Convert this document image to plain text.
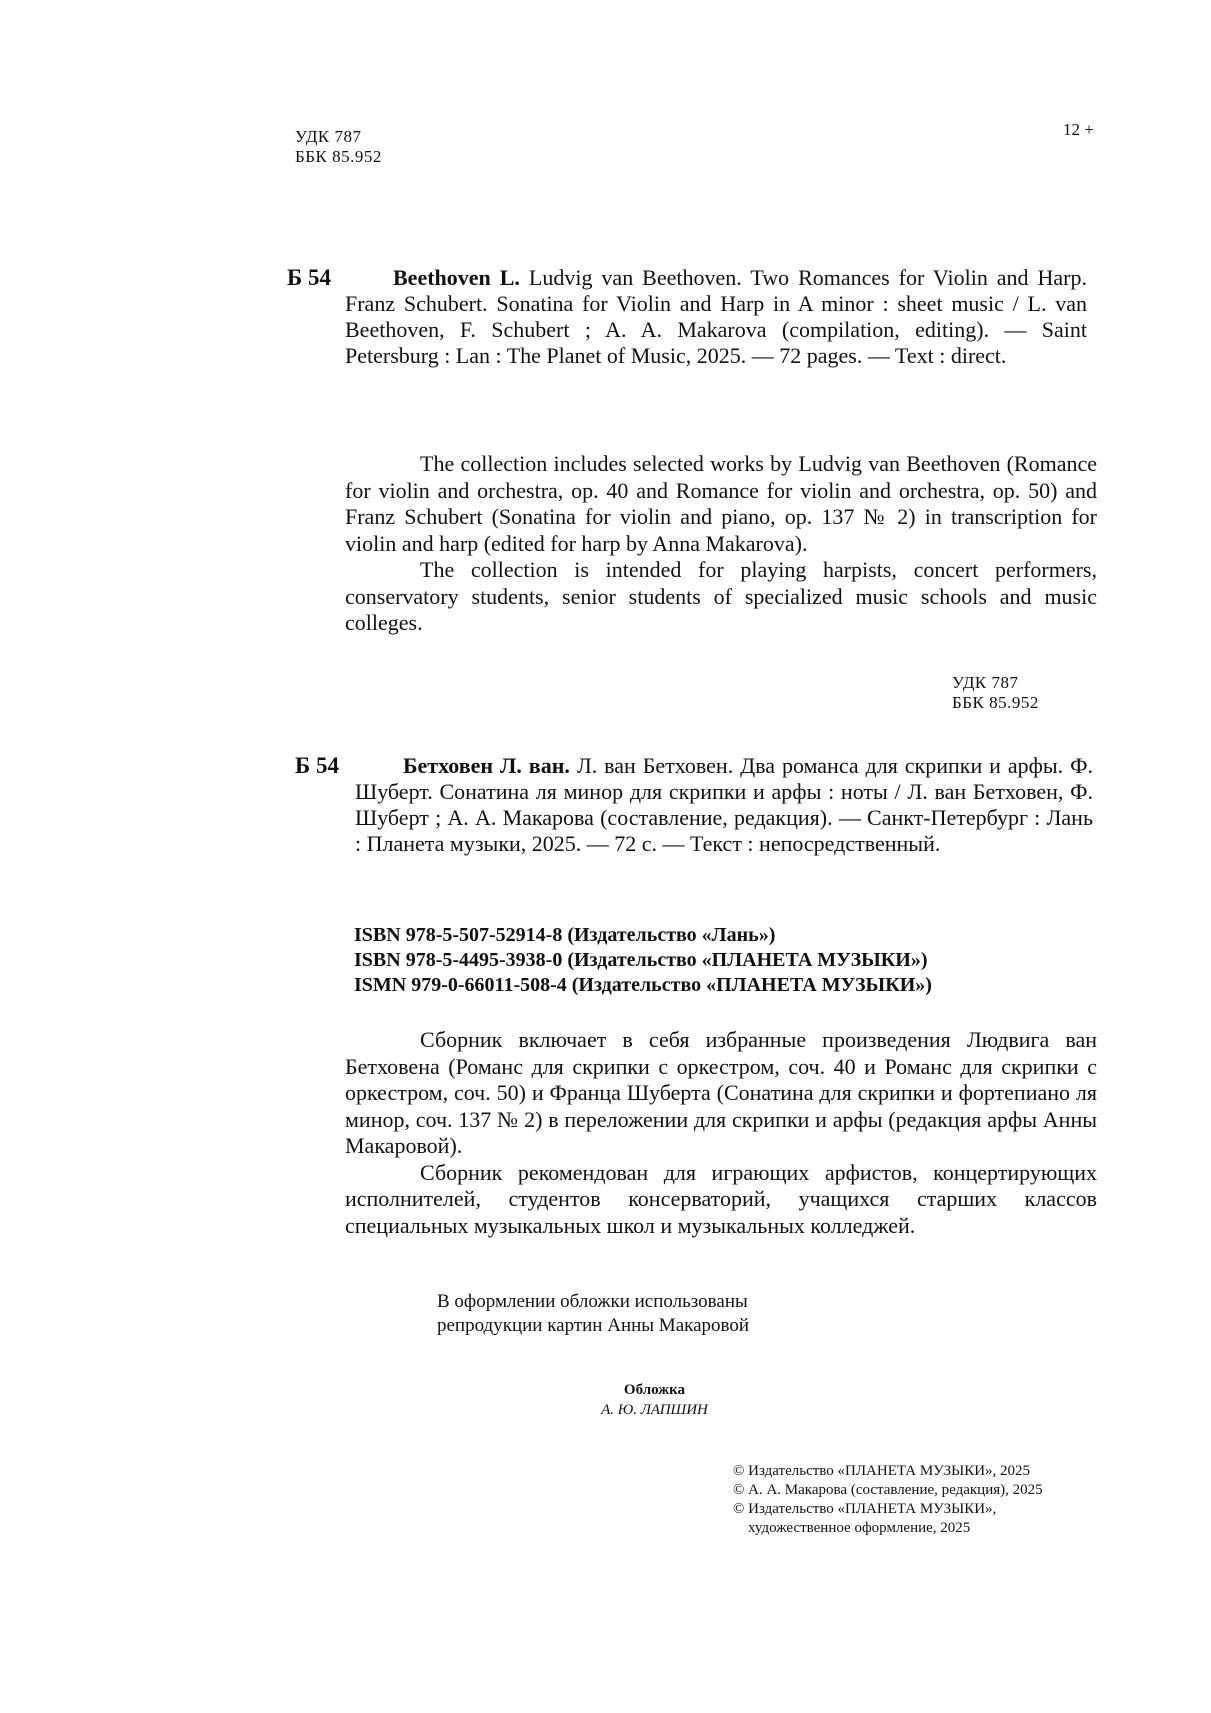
УДК 787
ББК 85.952
12 +
Б 54	Beethoven L. Ludvig van Beethoven. Two Romances for Violin and Harp. Franz Schubert. Sonatina for Violin and Harp in A minor : sheet music / L. van Beethoven, F. Schubert ; A. A. Makarova (compilation, editing). — Saint Petersburg : Lan : The Planet of Music, 2025. — 72 pages. — Text : direct.

The collection includes selected works by Ludvig van Beethoven (Romance for violin and orchestra, op. 40 and Romance for violin and orchestra, op. 50) and Franz Schubert (Sonatina for violin and piano, op. 137 № 2) in transcription for violin and harp (edited for harp by Anna Makarova).

The collection is intended for playing harpists, concert performers, conservatory students, senior students of specialized music schools and music colleges.

УДК 787
ББК 85.952
Б 54	Бетховен Л. ван. Л. ван Бетховен. Два романса для скрипки и арфы. Ф. Шуберт. Сонатина ля минор для скрипки и арфы : ноты / Л. ван Бетховен, Ф. Шуберт ; А. А. Макарова (составление, редакция). — Санкт-Петербург : Лань : Планета музыки, 2025. — 72 с. — Текст : непосредственный.
ISBN 978-5-507-52914-8 (Издательство «Лань»)
ISBN 978-5-4495-3938-0 (Издательство «ПЛАНЕТА МУЗЫКИ»)
ISMN 979-0-66011-508-4 (Издательство «ПЛАНЕТА МУЗЫКИ»)

Сборник включает в себя избранные произведения Людвига ван Бетховена (Романс для скрипки с оркестром, соч. 40 и Романс для скрипки с оркестром, соч. 50) и Франца Шуберта (Сонатина для скрипки и фортепиано ля минор, соч. 137 № 2) в переложении для скрипки и арфы (редакция арфы Анны Макаровой).

Сборник рекомендован для играющих арфистов, концертирующих исполнителей, студентов консерваторий, учащихся старших классов специальных музыкальных школ и музыкальных колледжей.

В оформлении обложки использованы
репродукции картин Анны Макаровой
Обложка
А. Ю. ЛАПШИН
© Издательство «ПЛАНЕТА МУЗЫКИ», 2025
© А. А. Макарова (составление, редакция), 2025
© Издательство «ПЛАНЕТА МУЗЫКИ»,
художественное оформление, 2025
